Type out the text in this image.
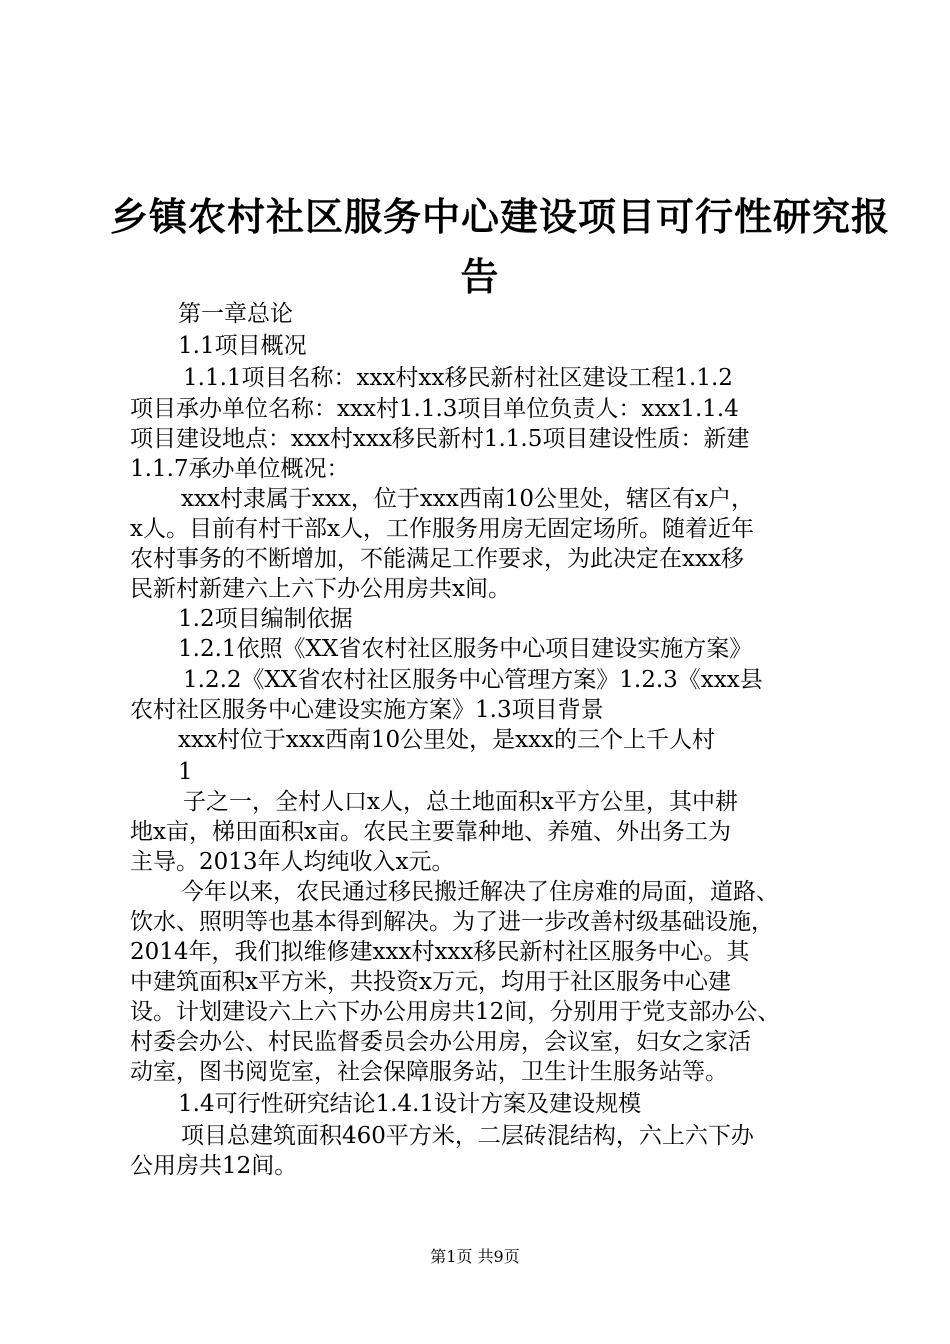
乡镇农村社区服务中心建设项目可行性研究报
告

第一章总论

1.1项目概况

1.1.1项目名称：xxx村xx移民新村社区建设工程1.1.2

项目承办单位名称：xxx村1.1.3项目单位负责人：xxx1.1.4

项目建设地点：xxx村xxx移民新村1.1.5项目建设性质：新建

1.1.7承办单位概况：

xxx村隶属于xxx，位于xxx西南10公里处，辖区有x户，

x人。目前有村干部x人，工作服务用房无固定场所。随着近年

农村事务的不断增加，不能满足工作要求，为此决定在xxx移

民新村新建六上六下办公用房共x间。

1.2项目编制依据

1.2.1依照《XX省农村社区服务中心项目建设实施方案》

1.2.2《XX省农村社区服务中心管理方案》1.2.3《xxx县

农村社区服务中心建设实施方案》1.3项目背景

xxx村位于xxx西南10公里处，是xxx的三个上千人村

1

子之一，全村人口x人，总土地面积x平方公里，其中耕

地x亩，梯田面积x亩。农民主要靠种地、养殖、外出务工为

主导。2013年人均纯收入x元。

今年以来，农民通过移民搬迁解决了住房难的局面，道路、

饮水、照明等也基本得到解决。为了进一步改善村级基础设施，

2014年，我们拟维修建xxx村xxx移民新村社区服务中心。其

中建筑面积x平方米，共投资x万元，均用于社区服务中心建

设。计划建设六上六下办公用房共12间，分别用于党支部办公、

村委会办公、村民监督委员会办公用房，会议室，妇女之家活

动室，图书阅览室，社会保障服务站，卫生计生服务站等。

1.4可行性研究结论1.4.1设计方案及建设规模

项目总建筑面积460平方米，二层砖混结构，六上六下办

公用房共12间。

第1页 共9页
